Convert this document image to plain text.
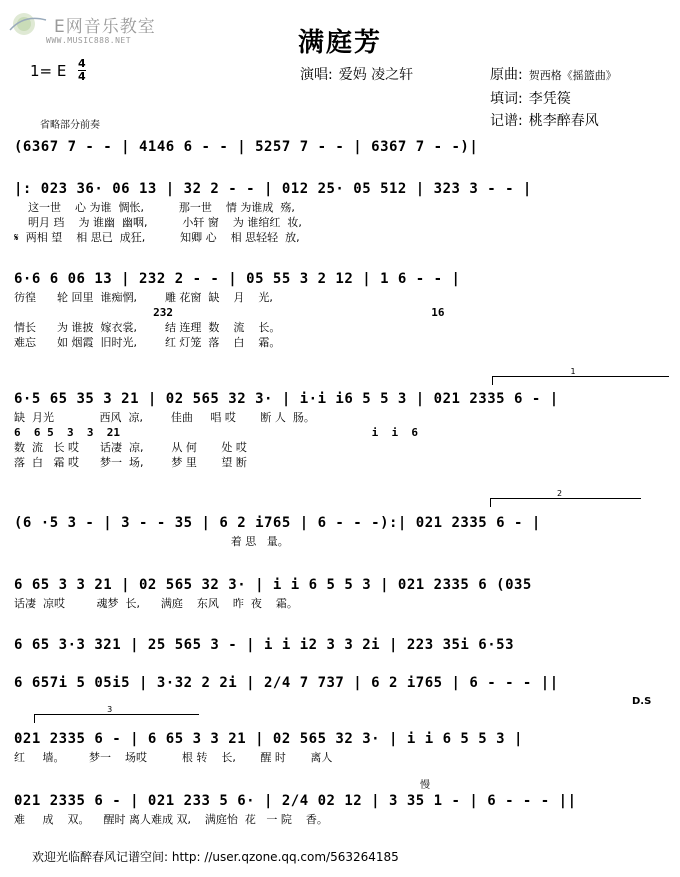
E网音乐教室
WWW.MUSIC888.NET	满庭芳
1= E 4
4	演唱: 爱妈 凌之轩	原曲: 贺西格《摇篮曲》
填词: 李凭篌
记谱: 桃李醉春风
省略部分前奏
(6367 7 - - | 4146 6 - - | 5257 7 - - | 6367 7 - -)|
|: 023 36· 06 13 | 32 2 - - | 012 25· 05 512 | 323 3 - - |
这一世    心 为谁  惆怅,          那一世    情 为谁成  殇,
明月 珰    为 谁幽  幽咽,          小轩 窗    为 谁绾红  妆,
𝄋  两相 望    相 思已  成狂,          知卿 心    相 思轻轻  放,
6·6 6 06 13 | 232 2 - - | 05 55 3 2 12 | 1 6 - - |
彷徨      轮 回里  谁痴惘,        雕 花窗  缺    月    光,
232                                       16
情长      为 谁披  嫁衣裳,        结 连理  数    流    长。
难忘      如 烟霞  旧时光,        红 灯笼  落    白    霜。
1
6·5 65 35 3 21 | 02 565 32 3· | i·i i6 5 5 3 | 021 2335 6 - |
缺  月光             西风  凉,        佳曲     唱 哎       断 人  肠。
6  6 5  3  3  21                                      i  i  6
数  流   长 哎      话凄  凉,        从 何       处 哎
落  白   霜 哎      梦一  场,        梦 里       望 断
2
(6 ·5 3 - | 3 - - 35 | 6 2 i765 | 6 - - -):| 021 2335 6 - |
着 思   量。
6 65 3 3 21 | 02 565 32 3· | i i 6 5 5 3 | 021 2335 6 (035
话凄  凉哎         魂梦  长,      满庭    东风    昨  夜    霜。
6 65 3·3 321 | 25 565 3 - | i i i2 3 3 2i | 223 35i 6·53
6 657i 5 05i5 | 3·32 2 2i | 2/4 7 737 | 6 2 i765 | 6 - - - ||
D.S
3
021 2335 6 - | 6 65 3 3 21 | 02 565 32 3· | i i 6 5 5 3 |
红     墙。       梦一    场哎          根 转    长,       醒 时       离人
慢
021 2335 6 - | 021 233 5 6· | 2/4 02 12 | 3 35 1 - | 6 - - - ||
难     成    双。    醒时 离人难成 双,    满庭怡  花   一 院    香。
欢迎光临醉春风记谱空间: http: //user.qzone.qq.com/563264185
